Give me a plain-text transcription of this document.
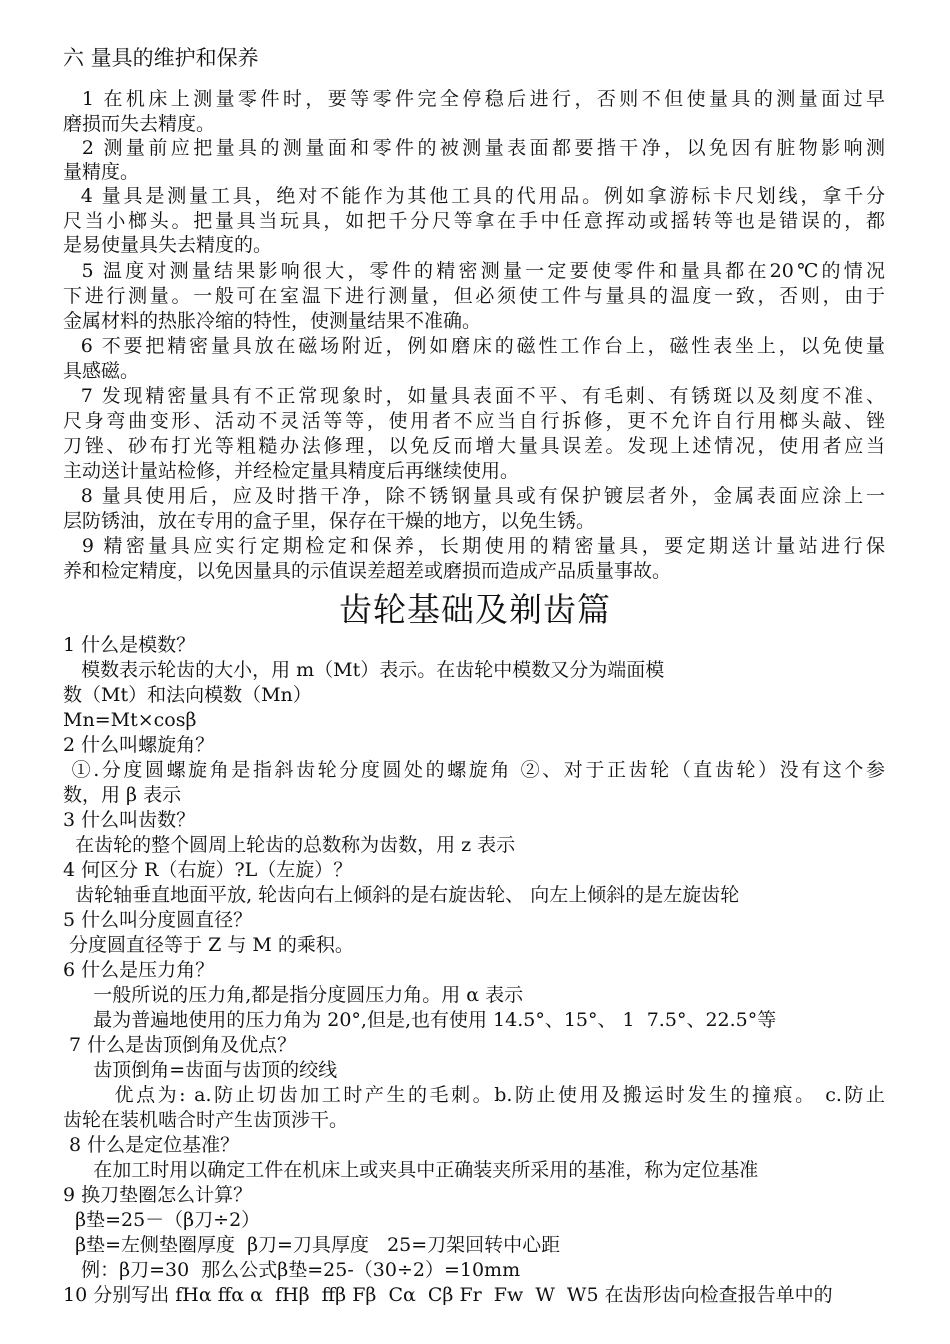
六 量具的维护和保养
1 在机床上测量零件时，要等零件完全停稳后进行，否则不但使量具的测量面过早
磨损而失去精度。
2 测量前应把量具的测量面和零件的被测量表面都要揩干净，以免因有脏物影响测
量精度。
4 量具是测量工具，绝对不能作为其他工具的代用品。例如拿游标卡尺划线，拿千分
尺当小榔头。把量具当玩具，如把千分尺等拿在手中任意挥动或摇转等也是错误的，都
是易使量具失去精度的。
5 温度对测量结果影响很大，零件的精密测量一定要使零件和量具都在20℃的情况
下进行测量。一般可在室温下进行测量，但必须使工件与量具的温度一致，否则，由于
金属材料的热胀冷缩的特性，使测量结果不准确。
6 不要把精密量具放在磁场附近，例如磨床的磁性工作台上，磁性表坐上，以免使量
具感磁。
7 发现精密量具有不正常现象时，如量具表面不平、有毛刺、有锈斑以及刻度不准、
尺身弯曲变形、活动不灵活等等，使用者不应当自行拆修，更不允许自行用榔头敲、锉
刀锉、砂布打光等粗糙办法修理，以免反而增大量具误差。发现上述情况，使用者应当
主动送计量站检修，并经检定量具精度后再继续使用。
8 量具使用后，应及时揩干净，除不锈钢量具或有保护镀层者外，金属表面应涂上一
层防锈油，放在专用的盒子里，保存在干燥的地方，以免生锈。
9 精密量具应实行定期检定和保养，长期使用的精密量具，要定期送计量站进行保
养和检定精度，以免因量具的示值误差超差或磨损而造成产品质量事故。
齿轮基础及剃齿篇
1 什么是模数？
模数表示轮齿的大小，用 m（Mt）表示。在齿轮中模数又分为端面模
数（Mt）和法向模数（Mn）
Mn=Mt×cosβ
2 什么叫螺旋角？
①.分度圆螺旋角是指斜齿轮分度圆处的螺旋角 ②、对于正齿轮（直齿轮）没有这个参
数，用 β 表示
3 什么叫齿数？
在齿轮的整个圆周上轮齿的总数称为齿数，用 z 表示
4 何区分 R（右旋）?L（左旋）？
齿轮轴垂直地面平放, 轮齿向右上倾斜的是右旋齿轮、 向左上倾斜的是左旋齿轮
5 什么叫分度圆直径？
分度圆直径等于 Z 与 M 的乘积。
6 什么是压力角？
一般所说的压力角,都是指分度圆压力角。用 α 表示
最为普遍地使用的压力角为 20°,但是,也有使用 14.5°、15°、 1  7.5°、22.5°等
7 什么是齿顶倒角及优点？
齿顶倒角=齿面与齿顶的绞线
优点为: a.防止切齿加工时产生的毛刺。b.防止使用及搬运时发生的撞痕。 c.防止
齿轮在装机啮合时产生齿顶涉干。
8 什么是定位基准？
在加工时用以确定工件在机床上或夹具中正确装夹所采用的基准，称为定位基准
9 换刀垫圈怎么计算？
β垫=25－（β刀÷2）
β垫=左侧垫圈厚度  β刀=刀具厚度   25=刀架回转中心距
例：β刀=30  那么公式β垫=25-（30÷2）=10mm
10 分别写出 fHα ffα α  fHβ  ffβ Fβ  Cα  Cβ Fr  Fw  W  W5 在齿形齿向检查报告单中的
